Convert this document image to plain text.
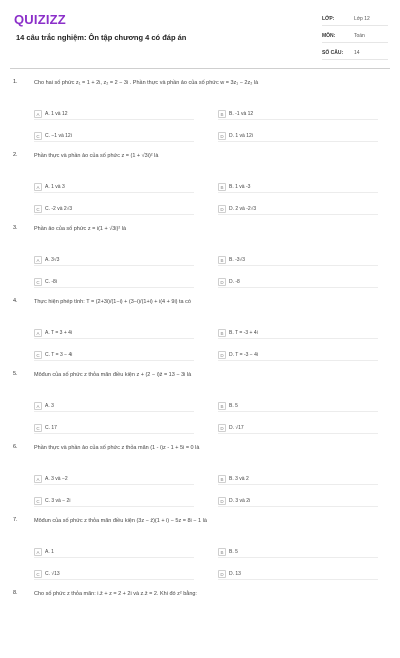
QUIZIZZ
14 câu trắc nghiệm: Ôn tập chương 4 có đáp án
LỚP:	Lớp 12
MÔN:	Toán
SỐ CÂU:	14
1.	Cho hai số phức z₁ = 1 + 2i, z₂ = 2 − 3i . Phần thực và phần ảo của số phức w = 3z₁ − 2z₂ là
A	A. 1 và 12	B	B. -1 và 12
C	C. −1 và 12i	D	D. 1 và 12i
2.	Phần thực và phần ảo của số phức z = (1 + √3i)² là
A	A. 1 và 3	B	B. 1 và -3
C	C. -2 và 2√3	D	D. 2 và -2√3
3.	Phần ảo của số phức z = i(1 + √3i)² là
A	A. 3√3	B	B. -3√3
C	C. -8i	D	D. -8
4.	Thực hiện phép tính: T = (2+3i)/(1−i) + (3−i)/(1+i) + i(4 + 9i) ta có
A	A. T = 3 + 4i	B	B. T = -3 + 4i
C	C. T = 3 − 4i	D	D. T = -3 − 4i
5.	Môđun của số phức z thỏa mãn điều kiện z + (2 − i)z̄ = 13 − 3i là
A	A. 3	B	B. 5
C	C. 17	D	D. √17
6.	Phần thực và phần ảo của số phức z thỏa mãn (1 - i)z - 1 + 5i = 0 là
A	A. 3 và −2	B	B. 3 và 2
C	C. 3 và − 2i	D	D. 3 và 2i
7.	Môđun của số phức z thỏa mãn điều kiện (3z − z̄)(1 + i) − 5z = 8i − 1 là
A	A. 1	B	B. 5
C	C. √13	D	D. 13
8.	Cho số phức z thỏa mãn: i.z̄ + z = 2 + 2i và z.z̄ = 2. Khi đó z² bằng:
